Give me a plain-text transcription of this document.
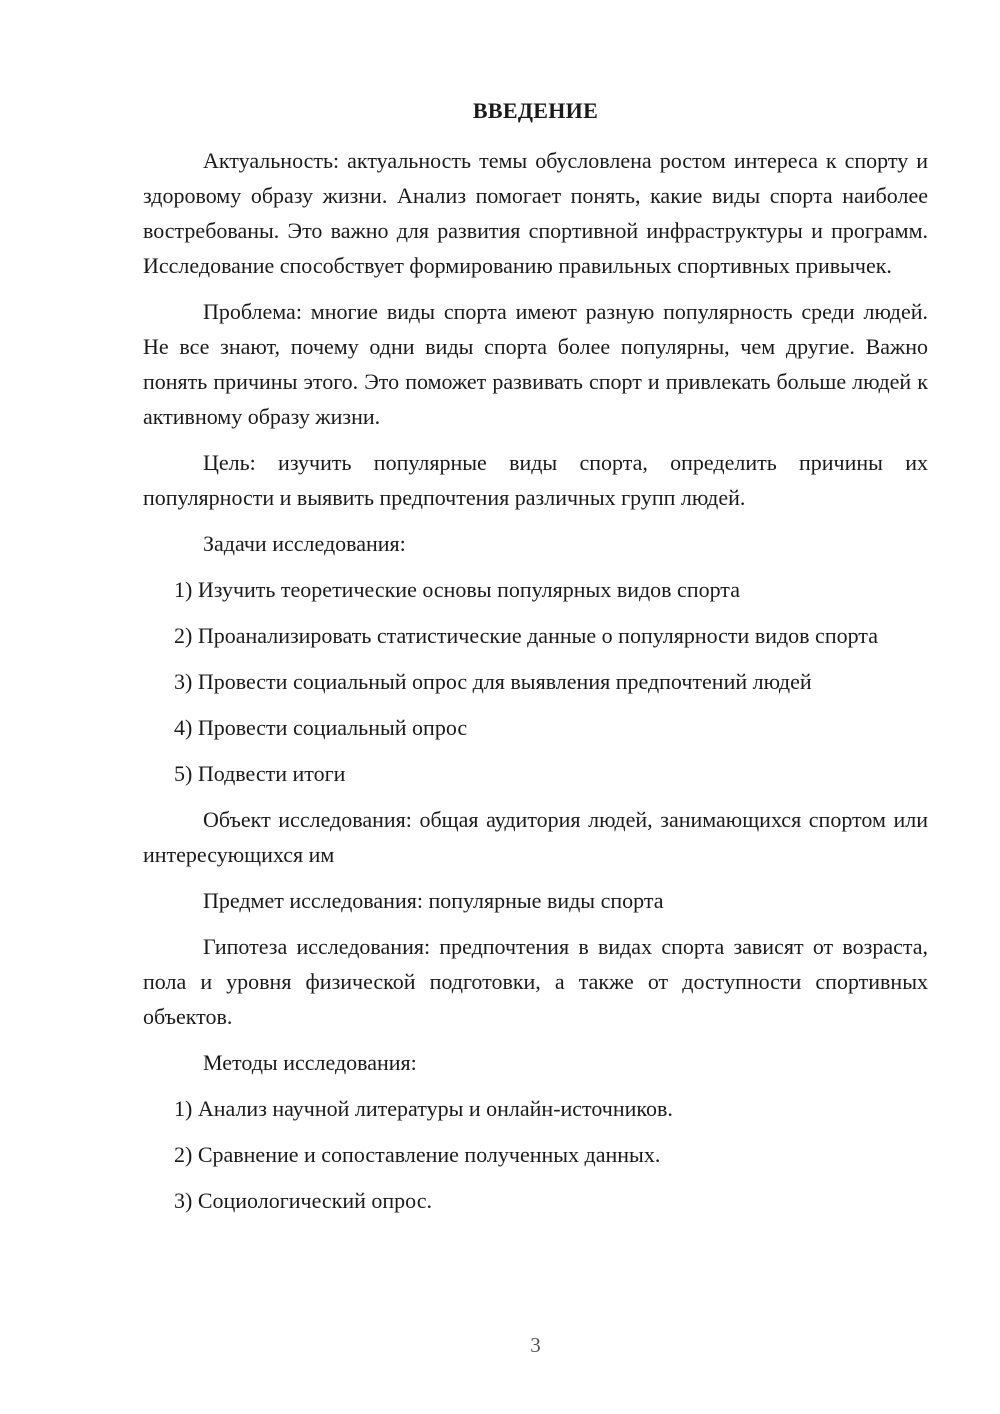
ВВЕДЕНИЕ

Актуальность: актуальность темы обусловлена ростом интереса к спорту и здоровому образу жизни. Анализ помогает понять, какие виды спорта наиболее востребованы. Это важно для развития спортивной инфраструктуры и программ. Исследование способствует формированию правильных спортивных привычек.

Проблема: многие виды спорта имеют разную популярность среди людей. Не все знают, почему одни виды спорта более популярны, чем другие. Важно понять причины этого. Это поможет развивать спорт и привлекать больше людей к активному образу жизни.

Цель: изучить популярные виды спорта, определить причины их популярности и выявить предпочтения различных групп людей.

Задачи исследования:

1) Изучить теоретические основы популярных видов спорта

2) Проанализировать статистические данные о популярности видов спорта

3) Провести социальный опрос для выявления предпочтений людей

4) Провести социальный опрос

5) Подвести итоги

Объект исследования: общая аудитория людей, занимающихся спортом или интересующихся им

Предмет исследования: популярные виды спорта

Гипотеза исследования: предпочтения в видах спорта зависят от возраста, пола и уровня физической подготовки, а также от доступности спортивных объектов.

Методы исследования:

1) Анализ научной литературы и онлайн-источников.

2) Сравнение и сопоставление полученных данных.

3) Социологический опрос.

3
